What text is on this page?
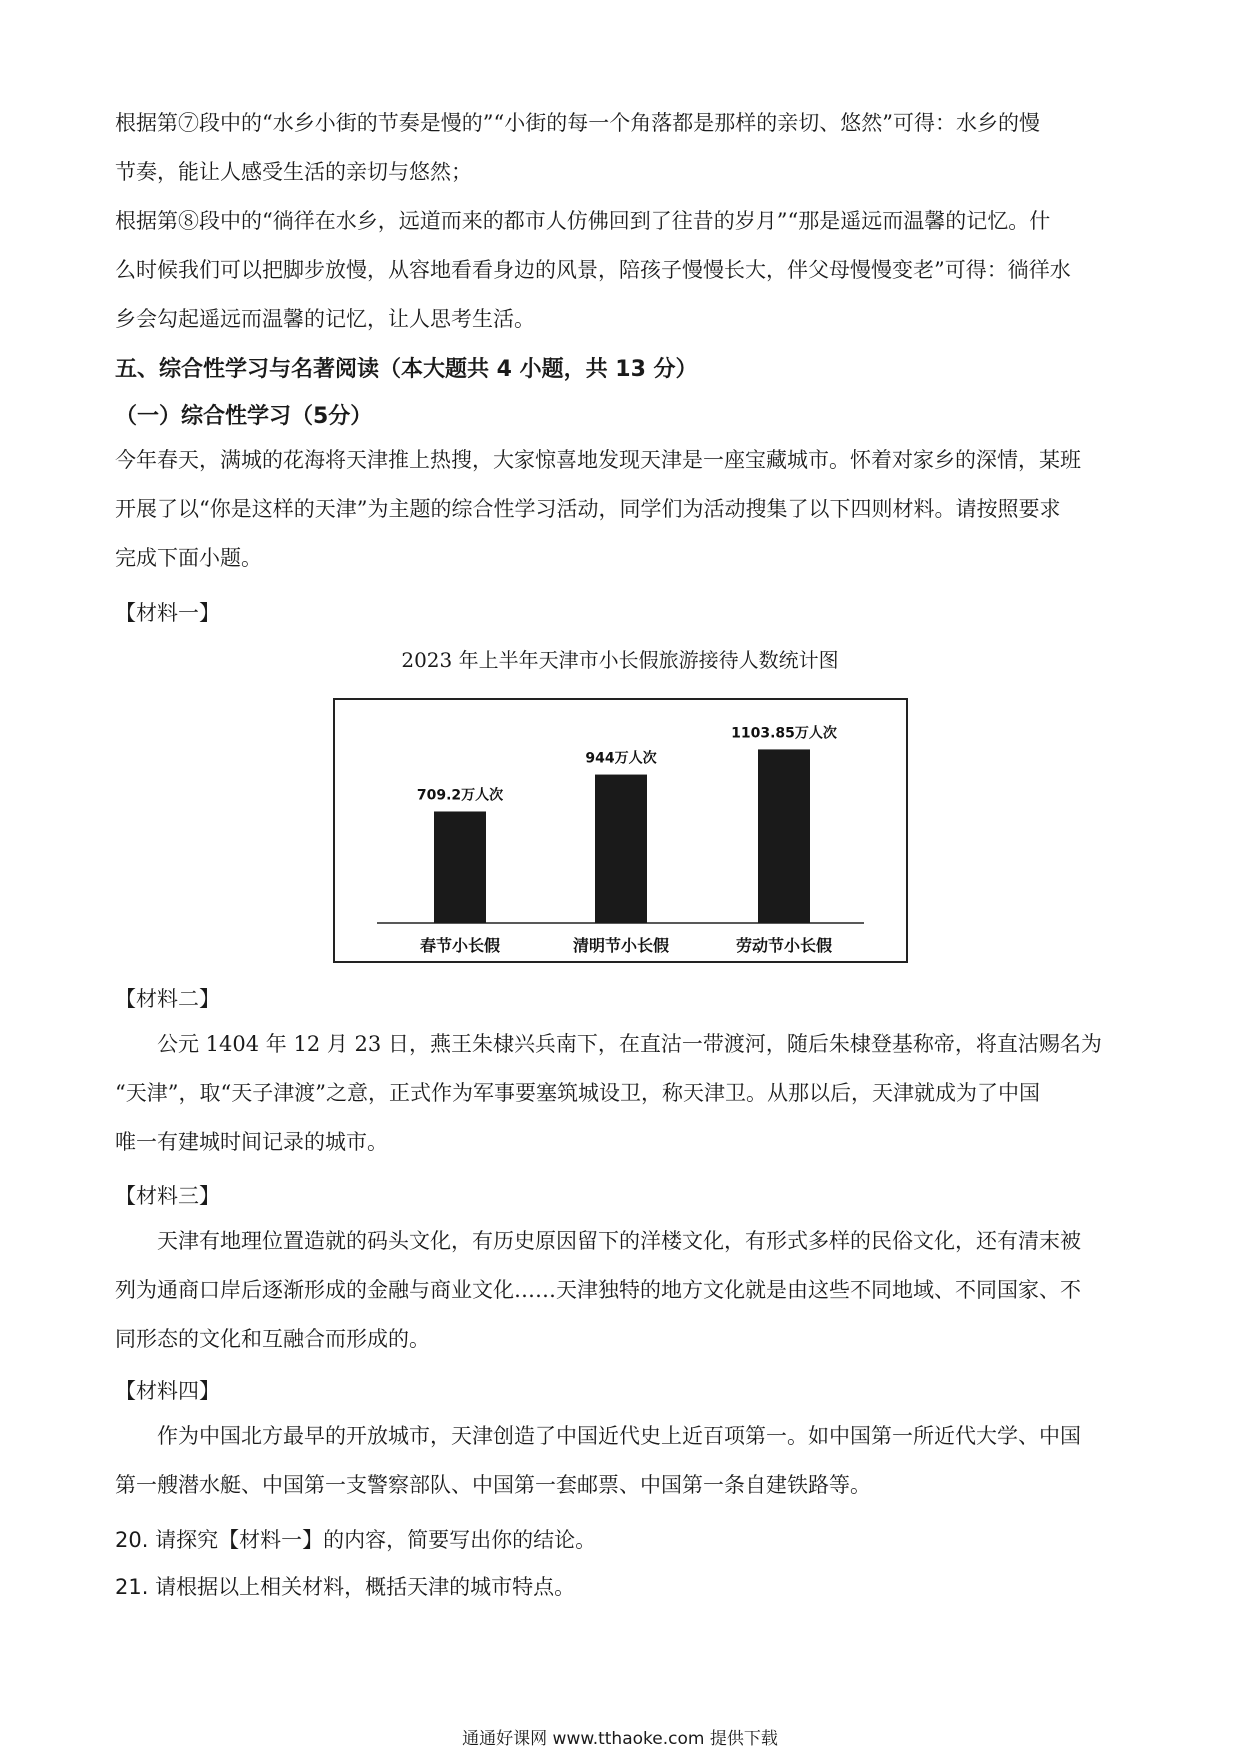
根据第⑦段中的“水乡小街的节奏是慢的”“小街的每一个角落都是那样的亲切、悠然”可得：水乡的慢
节奏，能让人感受生活的亲切与悠然；

根据第⑧段中的“徜徉在水乡，远道而来的都市人仿佛回到了往昔的岁月”“那是遥远而温馨的记忆。什
么时候我们可以把脚步放慢，从容地看看身边的风景，陪孩子慢慢长大，伴父母慢慢变老”可得：徜徉水
乡会勾起遥远而温馨的记忆，让人思考生活。

五、综合性学习与名著阅读（本大题共 4 小题，共 13 分）
（一）综合性学习（5分）

今年春天，满城的花海将天津推上热搜，大家惊喜地发现天津是一座宝藏城市。怀着对家乡的深情，某班
开展了以“你是这样的天津”为主题的综合性学习活动，同学们为活动搜集了以下四则材料。请按照要求
完成下面小题。

【材料一】

2023 年上半年天津市小长假旅游接待人数统计图

709.2万人次
春节小长假
944万人次
清明节小长假
1103.85万人次
劳动节小长假

【材料二】

公元 1404 年 12 月 23 日，燕王朱棣兴兵南下，在直沽一带渡河，随后朱棣登基称帝，将直沽赐名为
“天津”，取“天子津渡”之意，正式作为军事要塞筑城设卫，称天津卫。从那以后，天津就成为了中国
唯一有建城时间记录的城市。

【材料三】

天津有地理位置造就的码头文化，有历史原因留下的洋楼文化，有形式多样的民俗文化，还有清末被
列为通商口岸后逐渐形成的金融与商业文化……天津独特的地方文化就是由这些不同地域、不同国家、不
同形态的文化和互融合而形成的。

【材料四】

作为中国北方最早的开放城市，天津创造了中国近代史上近百项第一。如中国第一所近代大学、中国
第一艘潜水艇、中国第一支警察部队、中国第一套邮票、中国第一条自建铁路等。

20. 请探究【材料一】的内容，简要写出你的结论。

21. 请根据以上相关材料，概括天津的城市特点。

通通好课网 www.tthaoke.com 提供下载
